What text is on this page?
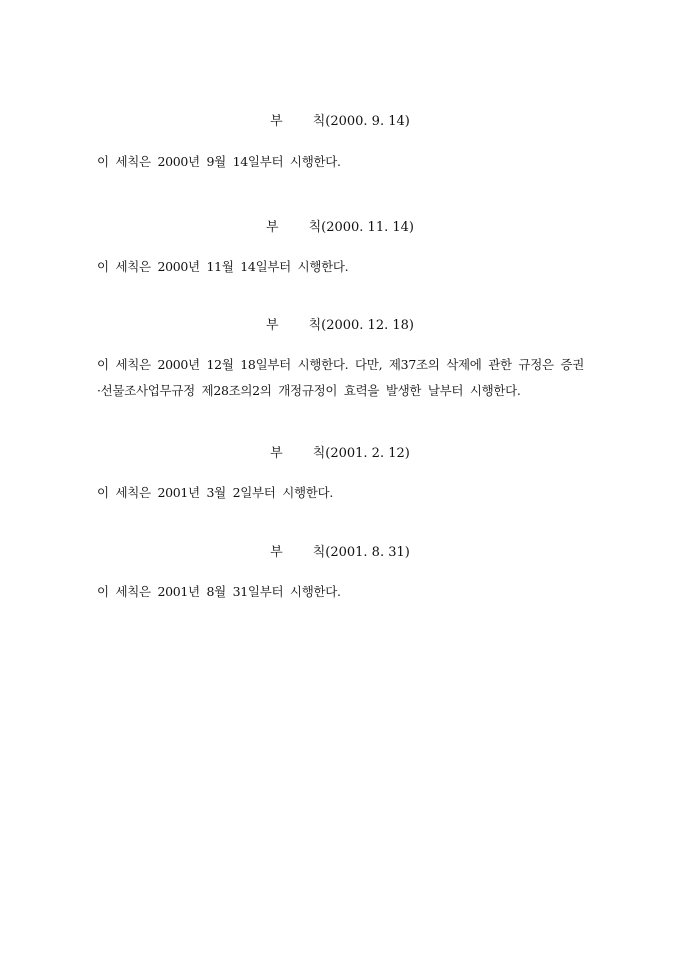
부 칙(2000. 9. 14)
이 세칙은 2000년 9월 14일부터 시행한다.
부 칙(2000. 11. 14)
이 세칙은 2000년 11월 14일부터 시행한다.
부 칙(2000. 12. 18)
이 세칙은 2000년 12월 18일부터 시행한다. 다만, 제37조의 삭제에 관한 규정은 증권·선물조사업무규정 제28조의2의 개정규정이 효력을 발생한 날부터 시행한다.
부 칙(2001. 2. 12)
이 세칙은 2001년 3월 2일부터 시행한다.
부 칙(2001. 8. 31)
이 세칙은 2001년 8월 31일부터 시행한다.
